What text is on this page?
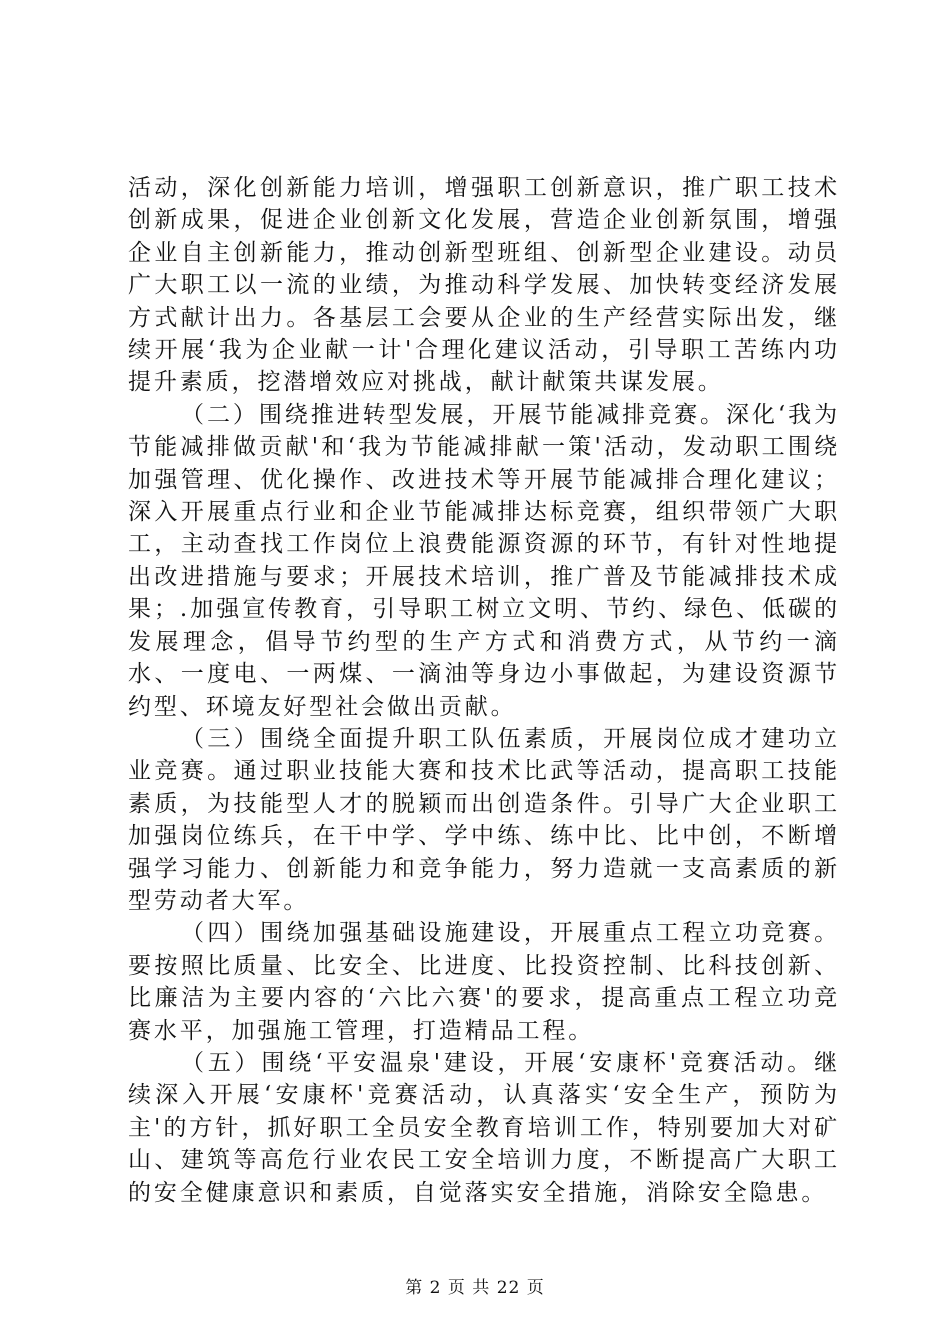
活动，深化创新能力培训，增强职工创新意识，推广职工技术创新成果，促进企业创新文化发展，营造企业创新氛围，增强企业自主创新能力，推动创新型班组、创新型企业建设。动员广大职工以一流的业绩，为推动科学发展、加快转变经济发展方式献计出力。各基层工会要从企业的生产经营实际出发，继续开展‘我为企业献一计'合理化建议活动，引导职工苦练内功提升素质，挖潜增效应对挑战，献计献策共谋发展。

（二）围绕推进转型发展，开展节能减排竞赛。深化‘我为节能减排做贡献'和‘我为节能减排献一策'活动，发动职工围绕加强管理、优化操作、改进技术等开展节能减排合理化建议；深入开展重点行业和企业节能减排达标竞赛，组织带领广大职工，主动查找工作岗位上浪费能源资源的环节，有针对性地提出改进措施与要求；开展技术培训，推广普及节能减排技术成果；.加强宣传教育，引导职工树立文明、节约、绿色、低碳的发展理念，倡导节约型的生产方式和消费方式，从节约一滴水、一度电、一两煤、一滴油等身边小事做起，为建设资源节约型、环境友好型社会做出贡献。

（三）围绕全面提升职工队伍素质，开展岗位成才建功立业竞赛。通过职业技能大赛和技术比武等活动，提高职工技能素质，为技能型人才的脱颖而出创造条件。引导广大企业职工加强岗位练兵，在干中学、学中练、练中比、比中创，不断增强学习能力、创新能力和竞争能力，努力造就一支高素质的新型劳动者大军。

（四）围绕加强基础设施建设，开展重点工程立功竞赛。要按照比质量、比安全、比进度、比投资控制、比科技创新、比廉洁为主要内容的‘六比六赛'的要求，提高重点工程立功竞赛水平，加强施工管理，打造精品工程。

（五）围绕‘平安温泉'建设，开展‘安康杯'竞赛活动。继续深入开展‘安康杯'竞赛活动，认真落实‘安全生产，预防为主'的方针，抓好职工全员安全教育培训工作，特别要加大对矿山、建筑等高危行业农民工安全培训力度，不断提高广大职工的安全健康意识和素质，自觉落实安全措施，消除安全隐患。

第 2 页 共 22 页
